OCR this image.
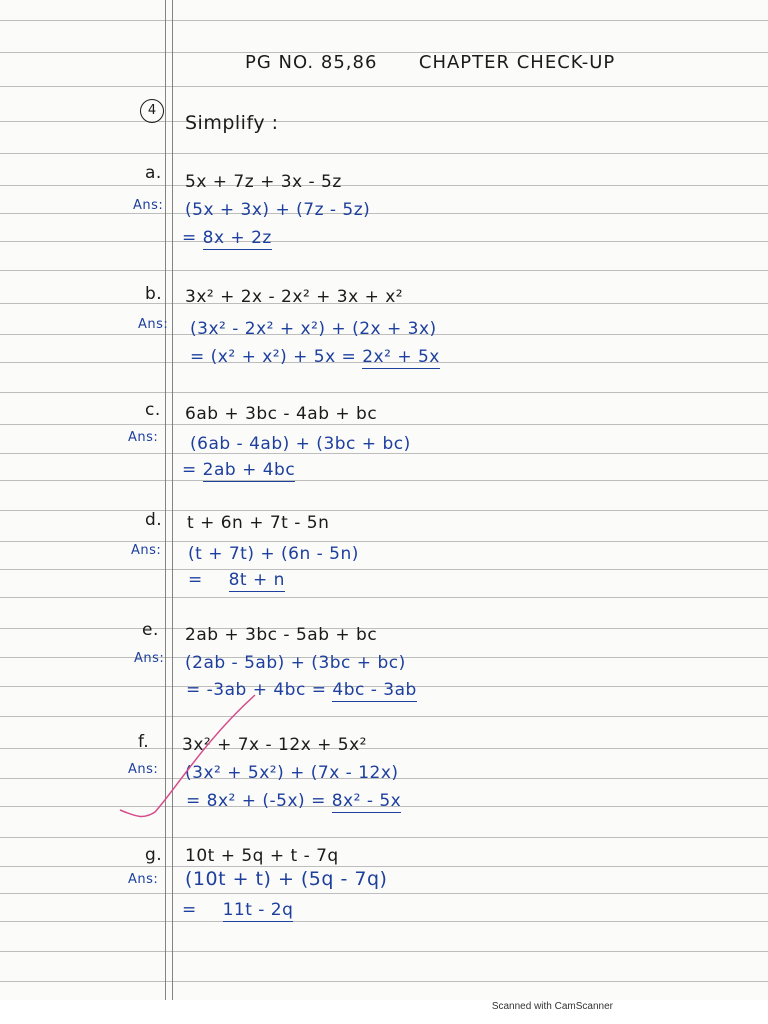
PG NO. 85,86 CHAPTER CHECK-UP
4
Simplify :
a. 5x + 7z + 3x - 5z
Ans: (5x + 3x) + (7z - 5z)
= 8x + 2z
b. 3x² + 2x - 2x² + 3x + x²
Ans: (3x² - 2x² + x²) + (2x + 3x)
= (x² + x²) + 5x = 2x² + 5x
c. 6ab + 3bc - 4ab + bc
Ans: (6ab - 4ab) + (3bc + bc)
= 2ab + 4bc
d. t + 6n + 7t - 5n
Ans: (t + 7t) + (6n - 5n)
= 8t + n
e. 2ab + 3bc - 5ab + bc
Ans: (2ab - 5ab) + (3bc + bc)
= -3ab + 4bc = 4bc - 3ab
f. 3x² + 7x - 12x + 5x²
Ans: (3x² + 5x²) + (7x - 12x)
= 8x² + (-5x) = 8x² - 5x
g. 10t + 5q + t - 7q
Ans: (10t + t) + (5q - 7q)
= 11t - 2q
Scanned with CamScanner
